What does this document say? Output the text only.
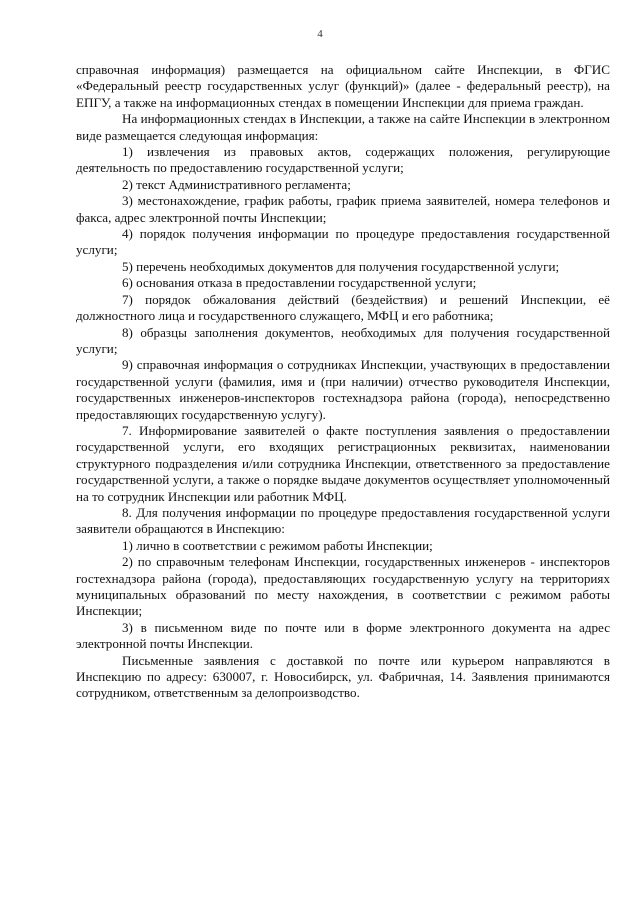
4

справочная информация) размещается на официальном сайте Инспекции, в ФГИС «Федеральный реестр государственных услуг (функций)» (далее - федеральный реестр), на ЕПГУ, а также на информационных стендах в помещении Инспекции для приема граждан.

На информационных стендах в Инспекции, а также на сайте Инспекции в электронном виде размещается следующая информация:

1) извлечения из правовых актов, содержащих положения, регулирующие деятельность по предоставлению государственной услуги;

2) текст Административного регламента;

3) местонахождение, график работы, график приема заявителей, номера телефонов и факса, адрес электронной почты Инспекции;

4) порядок получения информации по процедуре предоставления государственной услуги;

5) перечень необходимых документов для получения государственной услуги;

6) основания отказа в предоставлении государственной услуги;

7) порядок обжалования действий (бездействия) и решений Инспекции, её должностного лица и государственного служащего, МФЦ и его работника;

8) образцы заполнения документов, необходимых для получения государственной услуги;

9) справочная информация о сотрудниках Инспекции, участвующих в предоставлении государственной услуги (фамилия, имя и (при наличии) отчество руководителя Инспекции, государственных инженеров-инспекторов гостехнадзора района (города), непосредственно предоставляющих государственную услугу).

7. Информирование заявителей о факте поступления заявления о предоставлении государственной услуги, его входящих регистрационных реквизитах, наименовании структурного подразделения и/или сотрудника Инспекции, ответственного за предоставление государственной услуги, а также о порядке выдаче документов осуществляет уполномоченный на то сотрудник Инспекции или работник МФЦ.

8. Для получения информации по процедуре предоставления государственной услуги заявители обращаются в Инспекцию:

1) лично в соответствии с режимом работы Инспекции;

2) по справочным телефонам Инспекции, государственных инженеров - инспекторов гостехнадзора района (города), предоставляющих государственную услугу на территориях муниципальных образований по месту нахождения, в соответствии с режимом работы Инспекции;

3) в письменном виде по почте или в форме электронного документа на адрес электронной почты Инспекции.

Письменные заявления с доставкой по почте или курьером направляются в Инспекцию по адресу: 630007, г. Новосибирск, ул. Фабричная, 14. Заявления принимаются сотрудником, ответственным за делопроизводство.
